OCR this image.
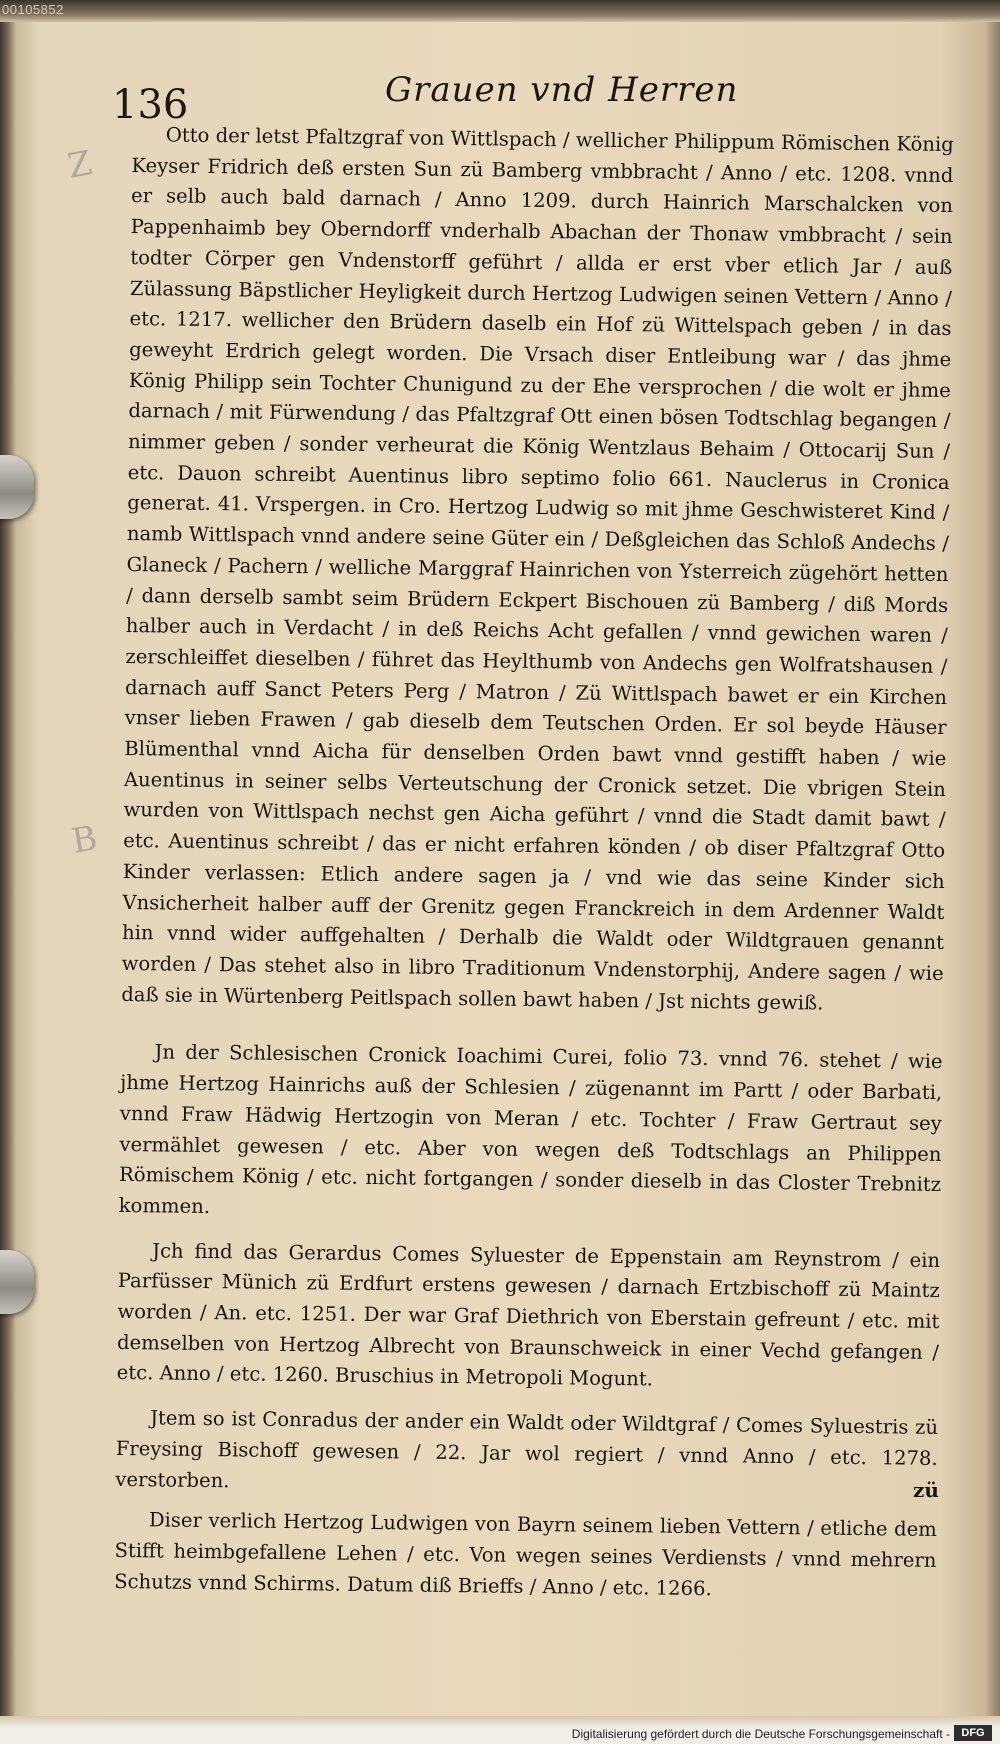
00105852
Z
B
136	Grauen vnd Herren

Otto der letst Pfaltzgraf von Wittlspach / wellicher Philippum Römischen König Keyser Fridrich deß ersten Sun zü Bamberg vmbbracht / Anno / etc. 1208. vnnd er selb auch bald darnach / Anno 1209. durch Hainrich Marschalcken von Pappenhaimb bey Oberndorff vnderhalb Abachan der Thonaw vmbbracht / sein todter Cörper gen Vndenstorff geführt / allda er erst vber etlich Jar / auß Zülassung Bäpstlicher Heyligkeit durch Hertzog Ludwigen seinen Vettern / Anno / etc. 1217. wellicher den Brüdern daselb ein Hof zü Wittelspach geben / in das geweyht Erdrich gelegt worden. Die Vrsach diser Entleibung war / das jhme König Philipp sein Tochter Chunigund zu der Ehe versprochen / die wolt er jhme darnach / mit Fürwendung / das Pfaltzgraf Ott einen bösen Todtschlag begangen / nimmer geben / sonder verheurat die König Wentzlaus Behaim / Ottocarij Sun / etc. Dauon schreibt Auentinus libro septimo folio 661. Nauclerus in Cronica generat. 41. Vrspergen. in Cro. Hertzog Ludwig so mit jhme Geschwisteret Kind / namb Wittlspach vnnd andere seine Güter ein / Deßgleichen das Schloß Andechs / Glaneck / Pachern / welliche Marggraf Hainrichen von Ysterreich zügehört hetten / dann derselb sambt seim Brüdern Eckpert Bischouen zü Bamberg / diß Mords halber auch in Verdacht / in deß Reichs Acht gefallen / vnnd gewichen waren / zerschleiffet dieselben / führet das Heylthumb von Andechs gen Wolfratshausen / darnach auff Sanct Peters Perg / Matron / Zü Wittlspach bawet er ein Kirchen vnser lieben Frawen / gab dieselb dem Teutschen Orden. Er sol beyde Häuser Blümenthal vnnd Aicha für denselben Orden bawt vnnd gestifft haben / wie Auentinus in seiner selbs Verteutschung der Cronick setzet. Die vbrigen Stein wurden von Wittlspach nechst gen Aicha geführt / vnnd die Stadt damit bawt / etc. Auentinus schreibt / das er nicht erfahren könden / ob diser Pfaltzgraf Otto Kinder verlassen: Etlich andere sagen ja / vnd wie das seine Kinder sich Vnsicherheit halber auff der Grenitz gegen Franckreich in dem Ardenner Waldt hin vnnd wider auffgehalten / Derhalb die Waldt oder Wildtgrauen genannt worden / Das stehet also in libro Traditionum Vndenstorphij, Andere sagen / wie daß sie in Würtenberg Peitlspach sollen bawt haben / Jst nichts gewiß.

Jn der Schlesischen Cronick Ioachimi Curei, folio 73. vnnd 76. stehet / wie jhme Hertzog Hainrichs auß der Schlesien / zügenannt im Partt / oder Barbati, vnnd Fraw Hädwig Hertzogin von Meran / etc. Tochter / Fraw Gertraut sey vermählet gewesen / etc. Aber von wegen deß Todtschlags an Philippen Römischem König / etc. nicht fortgangen / sonder dieselb in das Closter Trebnitz kommen.

Jch find das Gerardus Comes Syluester de Eppenstain am Reynstrom / ein Parfüsser Münich zü Erdfurt erstens gewesen / darnach Ertzbischoff zü Maintz worden / An. etc. 1251. Der war Graf Diethrich von Eberstain gefreunt / etc. mit demselben von Hertzog Albrecht von Braunschweick in einer Vechd gefangen / etc. Anno / etc. 1260. Bruschius in Metropoli Mogunt.

Jtem so ist Conradus der ander ein Waldt oder Wildtgraf / Comes Syluestris zü Freysing Bischoff gewesen / 22. Jar wol regiert / vnnd Anno / etc. 1278. verstorben.

Diser verlich Hertzog Ludwigen von Bayrn seinem lieben Vettern / etliche dem Stifft heimbgefallene Lehen / etc. Von wegen seines Verdiensts / vnnd mehrern Schutzs vnnd Schirms. Datum diß Brieffs / Anno / etc. 1266.

zü
Digitalisierung gefördert durch die Deutsche Forschungsgemeinschaft -	DFG
